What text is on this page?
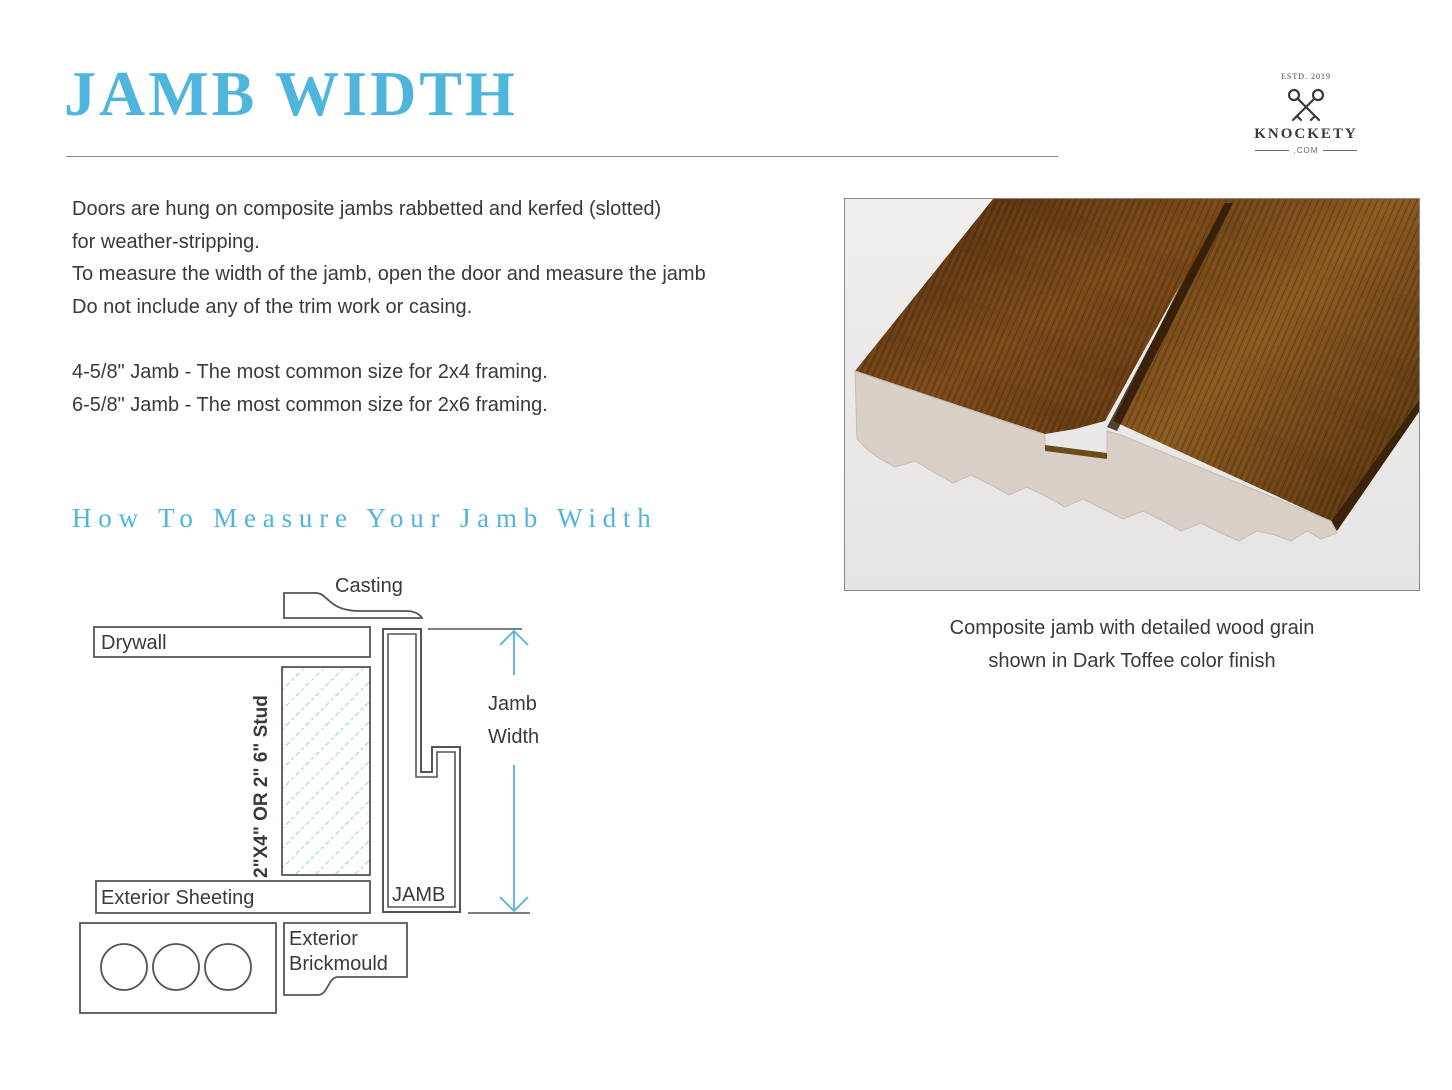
JAMB WIDTH	ESTD. 2019
KNOCKETY
.COM

Doors are hung on composite jambs rabbetted and kerfed (slotted)

for weather-stripping.

To measure the width of the jamb, open the door and measure the jamb

Do not include any of the trim work or casing.

4-5/8" Jamb - The most common size for 2x4 framing.

6-5/8" Jamb - The most common size for 2x6 framing.

How To Measure Your Jamb Width

Composite jamb with detailed wood grain

shown in Dark Toffee color finish

Casting
Drywall
2"X4" OR 2" 6" Stud
JAMB
Exterior Sheeting
Jamb
Width
Exterior
Brickmould
